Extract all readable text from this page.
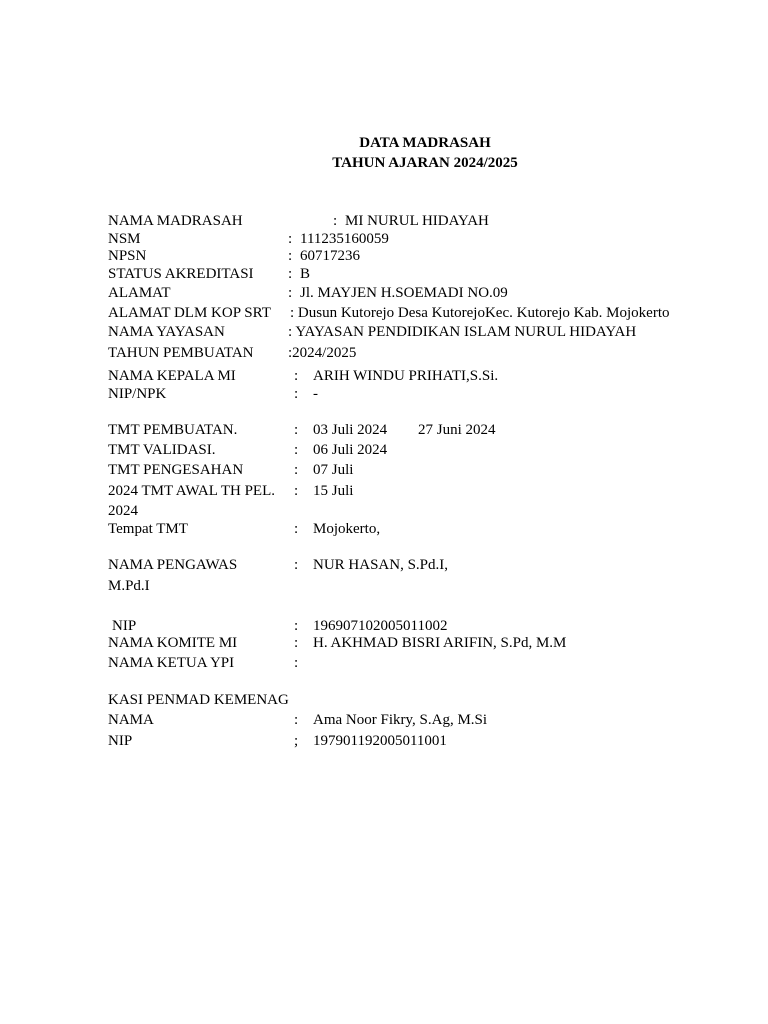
DATA MADRASAH
TAHUN AJARAN 2024/2025
NAMA MADRASAH	: MI NURUL HIDAYAH
NSM	: 111235160059
NPSN	: 60717236
STATUS AKREDITASI : B
ALAMAT	: Jl. MAYJEN H.SOEMADI NO.09
ALAMAT DLM KOP SRT : Dusun Kutorejo Desa KutorejoKec. Kutorejo Kab. Mojokerto
NAMA YAYASAN	: YAYASAN PENDIDIKAN ISLAM NURUL HIDAYAH
TAHUN PEMBUATAN :2024/2025
NAMA KEPALA MI	: ARIH WINDU PRIHATI,S.Si.
NIP/NPK	: -
TMT PEMBUATAN.	: 03 Juli 2024 27 Juni 2024
TMT VALIDASI.	: 06 Juli 2024
TMT PENGESAHAN	: 07 Juli
2024 TMT AWAL TH PEL. : 15 Juli
2024
Tempat TMT	: Mojokerto,
NAMA PENGAWAS	: NUR HASAN, S.Pd.I,
M.Pd.I
NIP	: 196907102005011002
NAMA KOMITE MI	: H. AKHMAD BISRI ARIFIN, S.Pd, M.M
NAMA KETUA YPI	:
KASI PENMAD KEMENAG
NAMA	: Ama Noor Fikry, S.Ag, M.Si
NIP	; 197901192005011001
